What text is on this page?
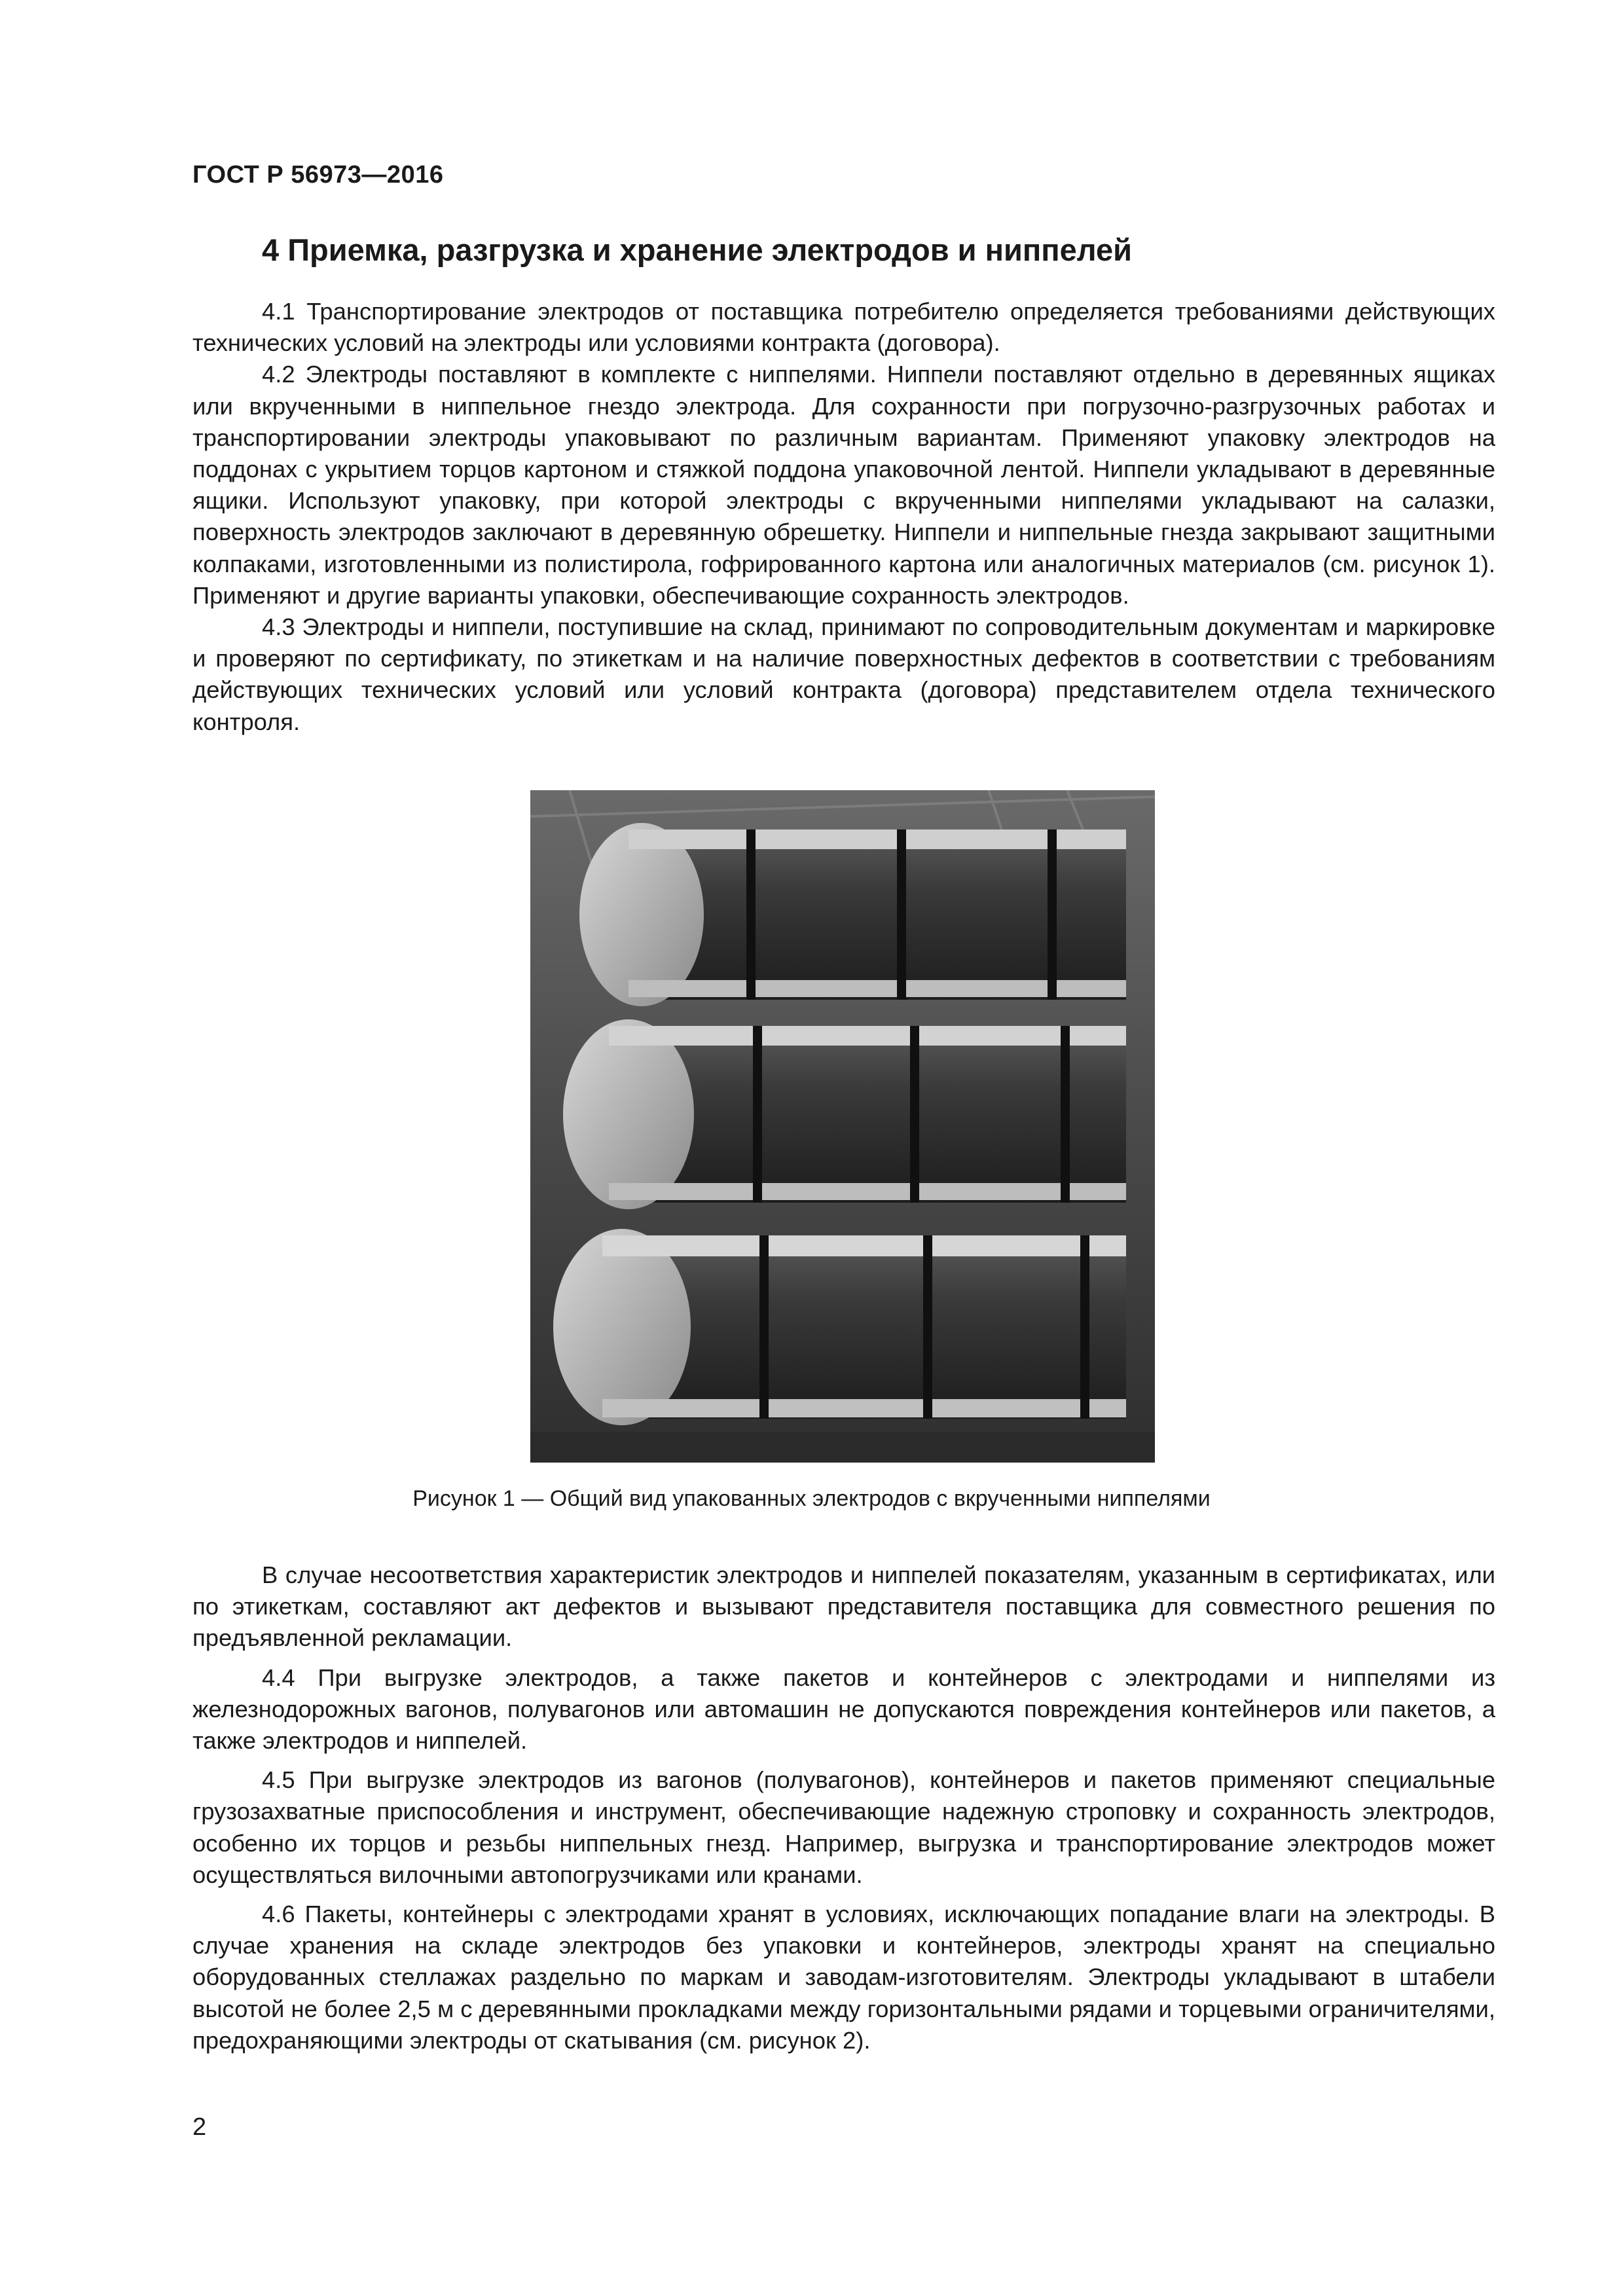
ГОСТ Р 56973—2016
4 Приемка, разгрузка и хранение электродов и ниппелей

4.1 Транспортирование электродов от поставщика потребителю определяется требованиями действующих технических условий на электроды или условиями контракта (договора).

4.2 Электроды поставляют в комплекте с ниппелями. Ниппели поставляют отдельно в деревянных ящиках или вкрученными в ниппельное гнездо электрода. Для сохранности при погрузочно-разгрузочных работах и транспортировании электроды упаковывают по различным вариантам. Применяют упаковку электродов на поддонах с укрытием торцов картоном и стяжкой поддона упаковочной лентой. Ниппели укладывают в деревянные ящики. Используют упаковку, при которой электроды с вкрученными ниппелями укладывают на салазки, поверхность электродов заключают в деревянную обрешетку. Ниппели и ниппельные гнезда закрывают защитными колпаками, изготовленными из полистирола, гофрированного картона или аналогичных материалов (см. рисунок 1). Применяют и другие варианты упаковки, обеспечивающие сохранность электродов.

4.3 Электроды и ниппели, поступившие на склад, принимают по сопроводительным документам и маркировке и проверяют по сертификату, по этикеткам и на наличие поверхностных дефектов в соответствии с требованиям действующих технических условий или условий контракта (договора) представителем отдела технического контроля.

Рисунок 1 — Общий вид упакованных электродов с вкрученными ниппелями

В случае несоответствия характеристик электродов и ниппелей показателям, указанным в сертификатах, или по этикеткам, составляют акт дефектов и вызывают представителя поставщика для совместного решения по предъявленной рекламации.

4.4 При выгрузке электродов, а также пакетов и контейнеров с электродами и ниппелями из железнодорожных вагонов, полувагонов или автомашин не допускаются повреждения контейнеров или пакетов, а также электродов и ниппелей.

4.5 При выгрузке электродов из вагонов (полувагонов), контейнеров и пакетов применяют специальные грузозахватные приспособления и инструмент, обеспечивающие надежную строповку и сохранность электродов, особенно их торцов и резьбы ниппельных гнезд. Например, выгрузка и транспортирование электродов может осуществляться вилочными автопогрузчиками или кранами.

4.6 Пакеты, контейнеры с электродами хранят в условиях, исключающих попадание влаги на электроды. В случае хранения на складе электродов без упаковки и контейнеров, электроды хранят на специально оборудованных стеллажах раздельно по маркам и заводам-изготовителям. Электроды укладывают в штабели высотой не более 2,5 м с деревянными прокладками между горизонтальными рядами и торцевыми ограничителями, предохраняющими электроды от скатывания (см. рисунок 2).

2
